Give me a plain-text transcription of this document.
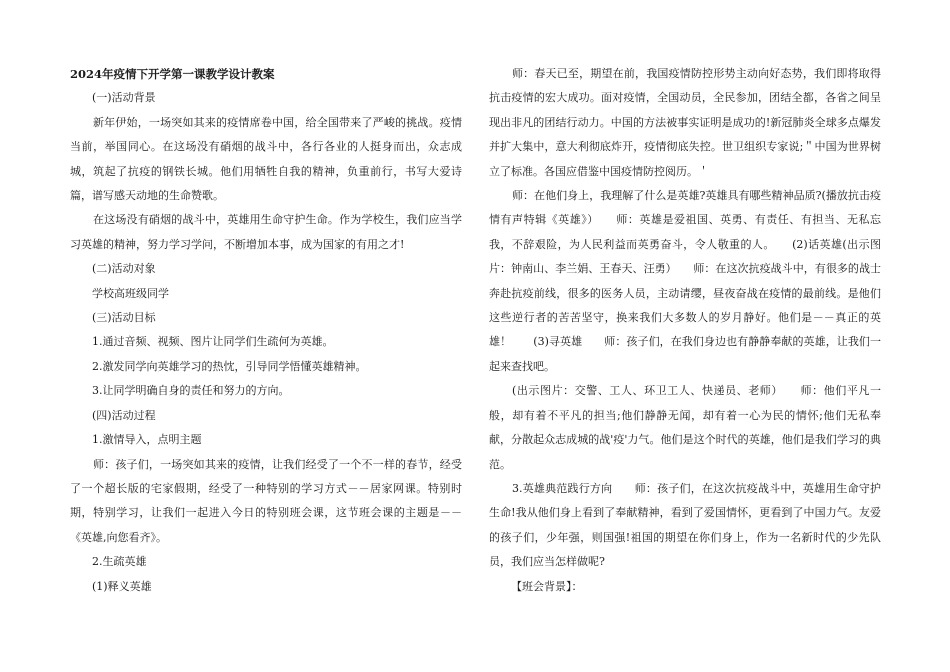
2024年疫情下开学第一课教学设计教案

(一)活动背景

新年伊始，一场突如其来的疫情席卷中国，给全国带来了严峻的挑战。疫情当前，举国同心。在这场没有硝烟的战斗中，各行各业的人挺身而出，众志成城，筑起了抗疫的钢铁长城。他们用牺牲自我的精神，负重前行，书写大爱诗篇，谱写感天动地的生命赞歌。

在这场没有硝烟的战斗中，英雄用生命守护生命。作为学校生，我们应当学习英雄的精神，努力学习学问，不断增加本事，成为国家的有用之才!

(二)活动对象

学校高班级同学

(三)活动目标

1.通过音频、视频、图片让同学们生疏何为英雄。

2.激发同学向英雄学习的热忱，引导同学悟懂英雄精神。

3.让同学明确自身的责任和努力的方向。

(四)活动过程

1.激情导入，点明主题

师：孩子们，一场突如其来的疫情，让我们经受了一个不一样的春节，经受了一个超长版的宅家假期，经受了一种特别的学习方式－－居家网课。特别时期，特别学习，让我们一起进入今日的特别班会课，这节班会课的主题是－－《英雄,向您看齐》。

2.生疏英雄

(1)释义英雄

师：春天已至，期望在前，我国疫情防控形势主动向好态势，我们即将取得抗击疫情的宏大成功。面对疫情，全国动员，全民参加，团结全都，各省之间呈现出非凡的团结行动力。中国的方法被事实证明是成功的!新冠肺炎全球多点爆发并扩大集中，意大利彻底炸开，疫情彻底失控。世卫组织专家说;＂中国为世界树立了标准。各国应借鉴中国疫情防控阅历。＇

师：在他们身上，我理解了什么是英雄?英雄具有哪些精神品质?(播放抗击疫情有声特辑《英雄》）　　师：英雄是爱祖国、英勇、有责任、有担当、无私忘我，不辞艰险，为人民利益而英勇奋斗，令人敬重的人。　　(2)话英雄(出示图片：钟南山、李兰娟、王春天、汪勇）　　师：在这次抗疫战斗中，有很多的战士奔赴抗疫前线，很多的医务人员，主动请缨，昼夜奋战在疫情的最前线。是他们这些逆行者的苦苦坚守，换来我们大多数人的岁月静好。他们是－－真正的英雄！　　(3)寻英雄　　师：孩子们，在我们身边也有静静奉献的英雄，让我们一起来查找吧。

(出示图片：交警、工人、环卫工人、快递员、老师）　　师：他们平凡一般，却有着不平凡的担当;他们静静无闻，却有着一心为民的情怀;他们无私奉献，分散起众志成城的战'疫'力气。他们是这个时代的英雄，他们是我们学习的典范。

3.英雄典范践行方向　　师：孩子们，在这次抗疫战斗中，英雄用生命守护生命!我从他们身上看到了奉献精神，看到了爱国情怀，更看到了中国力气。友爱的孩子们，少年强，则国强!祖国的期望在你们身上，作为一名新时代的少先队员，我们应当怎样做呢?

【班会背景】：
